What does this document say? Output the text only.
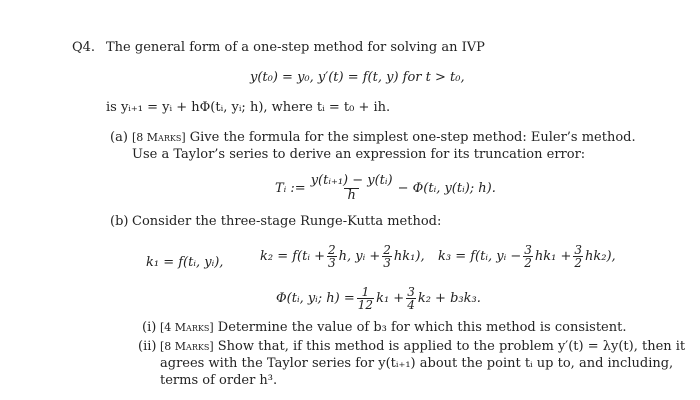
Q4. The general form of a one-step method for solving an IVP
y(t₀) = y₀, y′(t) = f(t, y) for t > t₀,
is yᵢ₊₁ = yᵢ + hΦ(tᵢ, yᵢ; h), where tᵢ = t₀ + ih.
(a) [ 8 Marks ] Give the formula for the simplest one-step method: Euler’s method.
Use a Taylor’s series to derive an expression for its truncation error:
Tᵢ := $\frac{\text{y(tᵢ₊₁) − y(tᵢ)}}{h}$ − Φ(tᵢ, y(tᵢ); h).
(b) Consider the three-stage Runge-Kutta method:
k₁ = f(tᵢ, yᵢ),	k₂ = f(tᵢ + $\frac{2}{3} h$, yᵢ + $\frac{2}{3} hk_1$), k₃ = f(tᵢ, yᵢ − $\frac{3}{2} hk_1 + \frac{3}{2} hk_2$),
Φ(tᵢ, yᵢ; $h) = \frac{1}{12} k_1 + \frac{3}{4} k_2 + b_3k_3$.
(i) [ 4 Marks ] Determine the value of b₃ for which this method is consistent.
(ii) [ 8 Marks ] Show that, if this method is applied to the problem y′(t) = λy(t), then it
agrees with the Taylor series for y(tᵢ₊₁) about the point tᵢ up to, and including,
terms of order h³.
